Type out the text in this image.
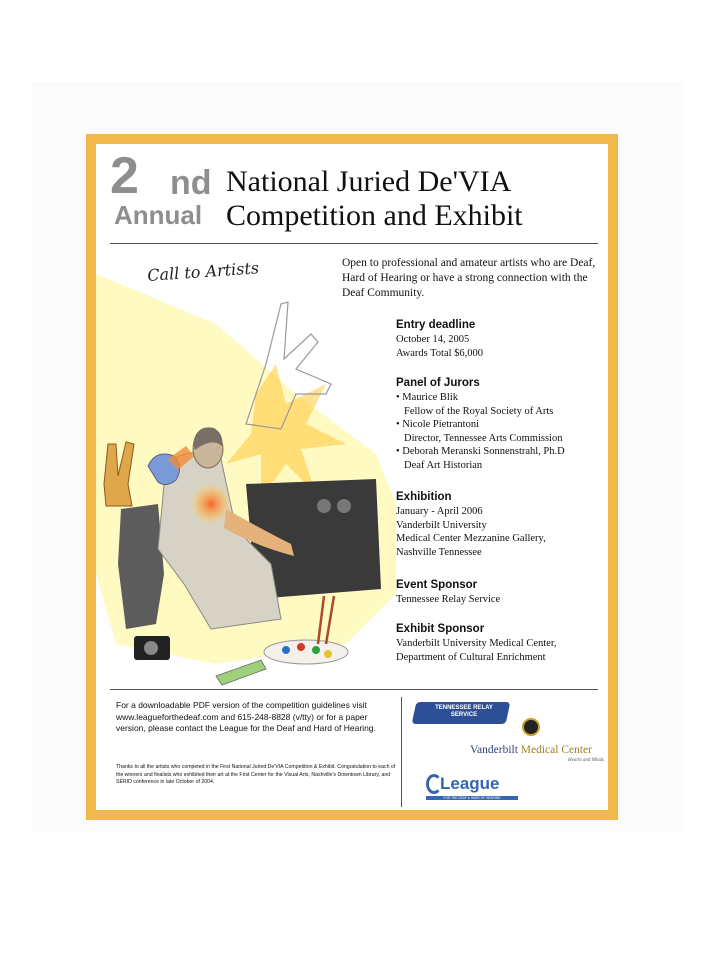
2 nd
Annual
National Juried De'VIA
Competition and Exhibit
Call to Artists	Open to professional and amateur artists who are Deaf, Hard of Hearing or have a strong connection with the Deaf Community.
Entry deadline
October 14, 2005
Awards Total $6,000
Panel of Jurors
• Maurice Blik
Fellow of the Royal Society of Arts
• Nicole Pietrantoni
Director, Tennessee Arts Commission
• Deborah Meranski Sonnenstrahl, Ph.D
Deaf Art Historian
Exhibition
January - April 2006
Vanderbilt University
Medical Center Mezzanine Gallery,
Nashville Tennessee
Event Sponsor
Tennessee Relay Service
Exhibit Sponsor
Vanderbilt University Medical Center,
Department of Cultural Enrichment
For a downloadable PDF version of the competition guidelines visit www.leagueforthedeaf.com and 615-248-8828 (v/tty) or for a paper version, please contact the League for the Deaf and Hard of Hearing.
Thanks to all the artists who competed in the First National Juried De'VIA Competition & Exhibit. Congratulation to each of the winners and finalists who exhibited their art at the Frist Center for the Visual Arts, Nashville's Downtown Library, and SERID conference in late October of 2004.
TENNESSEE RELAY SERVICE
Vanderbilt Medical Center
Hearts and Minds
League
FOR THE DEAF & HARD OF HEARING
